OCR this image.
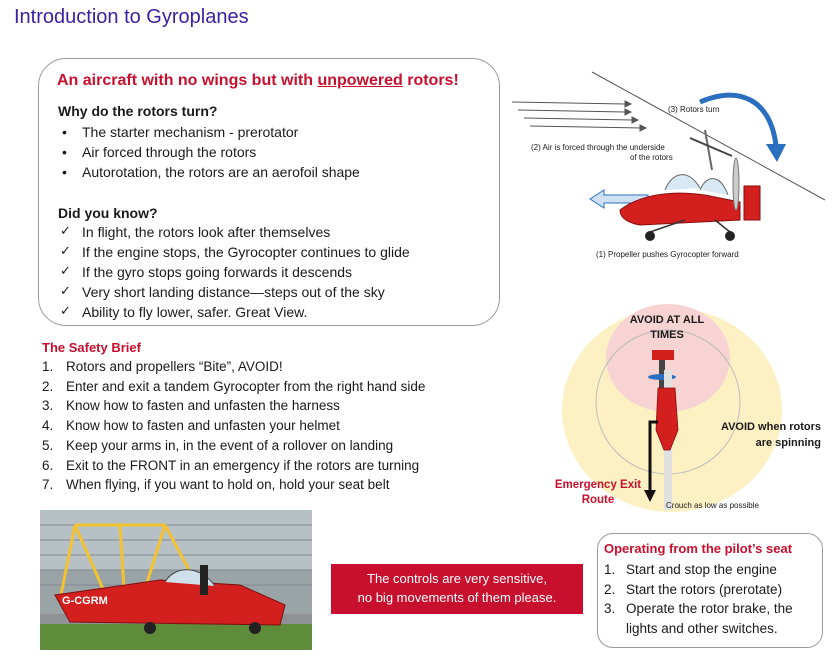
Introduction to Gyroplanes
An aircraft with no wings but with unpowered rotors!
Why do the rotors turn?
• The starter mechanism - prerotator
• Air forced through the rotors
• Autorotation, the rotors are an aerofoil shape
Did you know?
✓ In flight, the rotors look after themselves
✓ If the engine stops, the Gyrocopter continues to glide
✓ If the gyro stops going forwards it descends
✓ Very short landing distance—steps out of the sky
✓ Ability to fly lower, safer. Great View.
(3) Rotors turn
(2) Air is forced through the underside
of the rotors
(1) Propeller pushes Gyrocopter forward
The Safety Brief
1. Rotors and propellers “Bite”, AVOID!
2. Enter and exit a tandem Gyrocopter from the right hand side
3. Know how to fasten and unfasten the harness
4. Know how to fasten and unfasten your helmet
5. Keep your arms in, in the event of a rollover on landing
6. Exit to the FRONT in an emergency if the rotors are turning
7. When flying, if you want to hold on, hold your seat belt
AVOID AT ALL
TIMES
AVOID when rotors
are spinning
Emergency Exit
Route	Crouch as low as possible
G-CGRM
The controls are very sensitive,
no big movements of them please.
Operating from the pilot’s seat
1. Start and stop the engine
2. Start the rotors (prerotate)
3. Operate the rotor brake, the lights and other switches.
